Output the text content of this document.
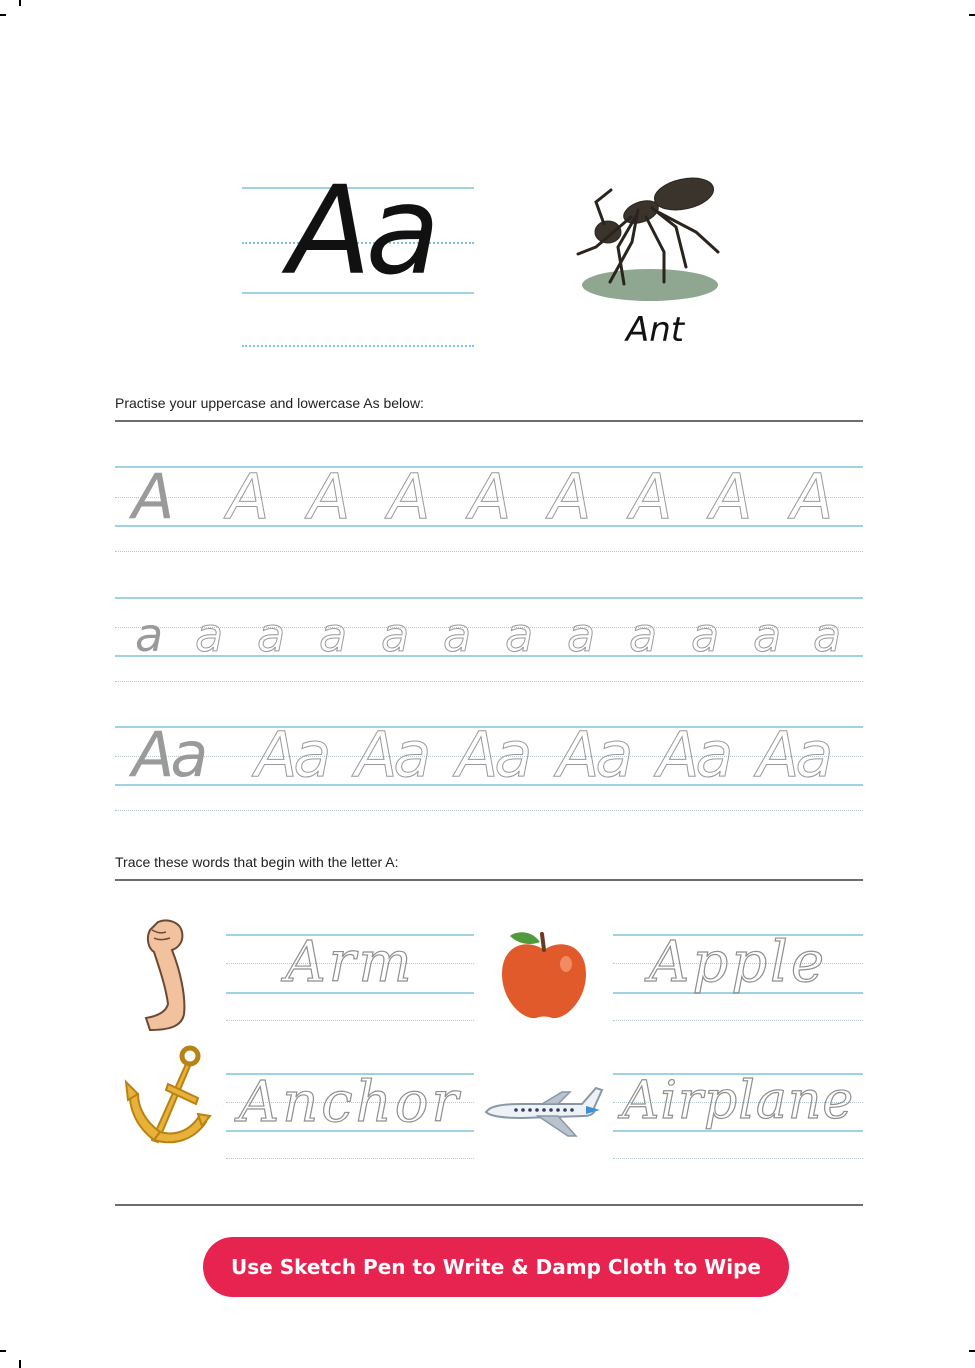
Aa
Ant
Practise your uppercase and lowercase As below:
A A A A A A A A A
a a a a a a a a a a a a
Aa Aa Aa Aa Aa Aa Aa
Trace these words that begin with the letter A:
Arm	Apple
Anchor	Airplane
Use Sketch Pen to Write & Damp Cloth to Wipe
